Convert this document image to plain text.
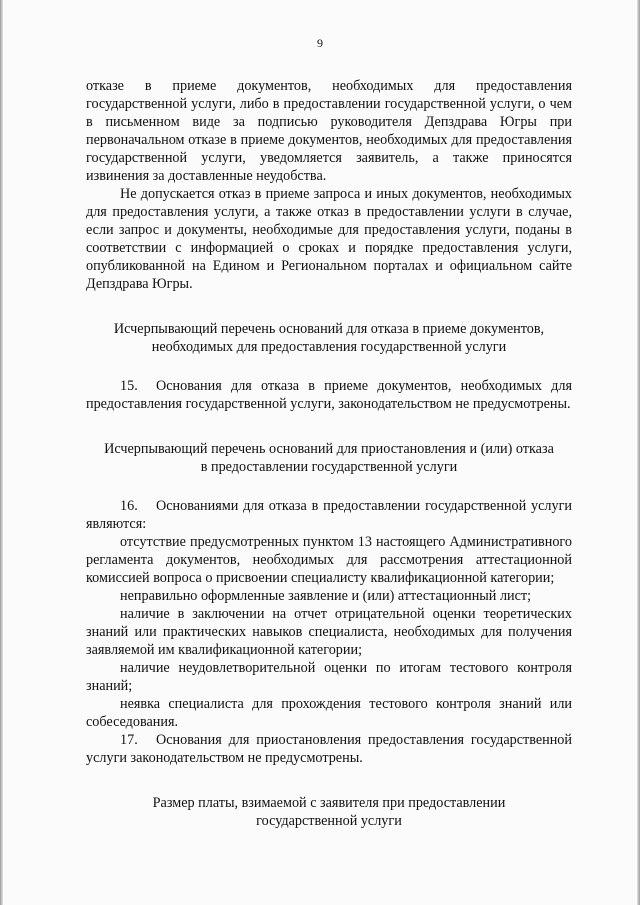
9

отказе в приеме документов, необходимых для предоставления государственной услуги, либо в предоставлении государственной услуги, о чем в письменном виде за подписью руководителя Депздрава Югры при первоначальном отказе в приеме документов, необходимых для предоставления государственной услуги, уведомляется заявитель, а также приносятся извинения за доставленные неудобства.

Не допускается отказ в приеме запроса и иных документов, необходимых для предоставления услуги, а также отказ в предоставлении услуги в случае, если запрос и документы, необходимые для предоставления услуги, поданы в соответствии с информацией о сроках и порядке предоставления услуги, опубликованной на Едином и Региональном порталах и официальном сайте Депздрава Югры.

Исчерпывающий перечень оснований для отказа в приеме документов,
необходимых для предоставления государственной услуги

15. Основания для отказа в приеме документов, необходимых для предоставления государственной услуги, законодательством не предусмотрены.

Исчерпывающий перечень оснований для приостановления и (или) отказа
в предоставлении государственной услуги

16. Основаниями для отказа в предоставлении государственной услуги являются:

отсутствие предусмотренных пунктом 13 настоящего Административного регламента документов, необходимых для рассмотрения аттестационной комиссией вопроса о присвоении специалисту квалификационной категории;

неправильно оформленные заявление и (или) аттестационный лист;

наличие в заключении на отчет отрицательной оценки теоретических знаний или практических навыков специалиста, необходимых для получения заявляемой им квалификационной категории;

наличие неудовлетворительной оценки по итогам тестового контроля знаний;

неявка специалиста для прохождения тестового контроля знаний или собеседования.

17. Основания для приостановления предоставления государственной услуги законодательством не предусмотрены.

Размер платы, взимаемой с заявителя при предоставлении
государственной услуги
